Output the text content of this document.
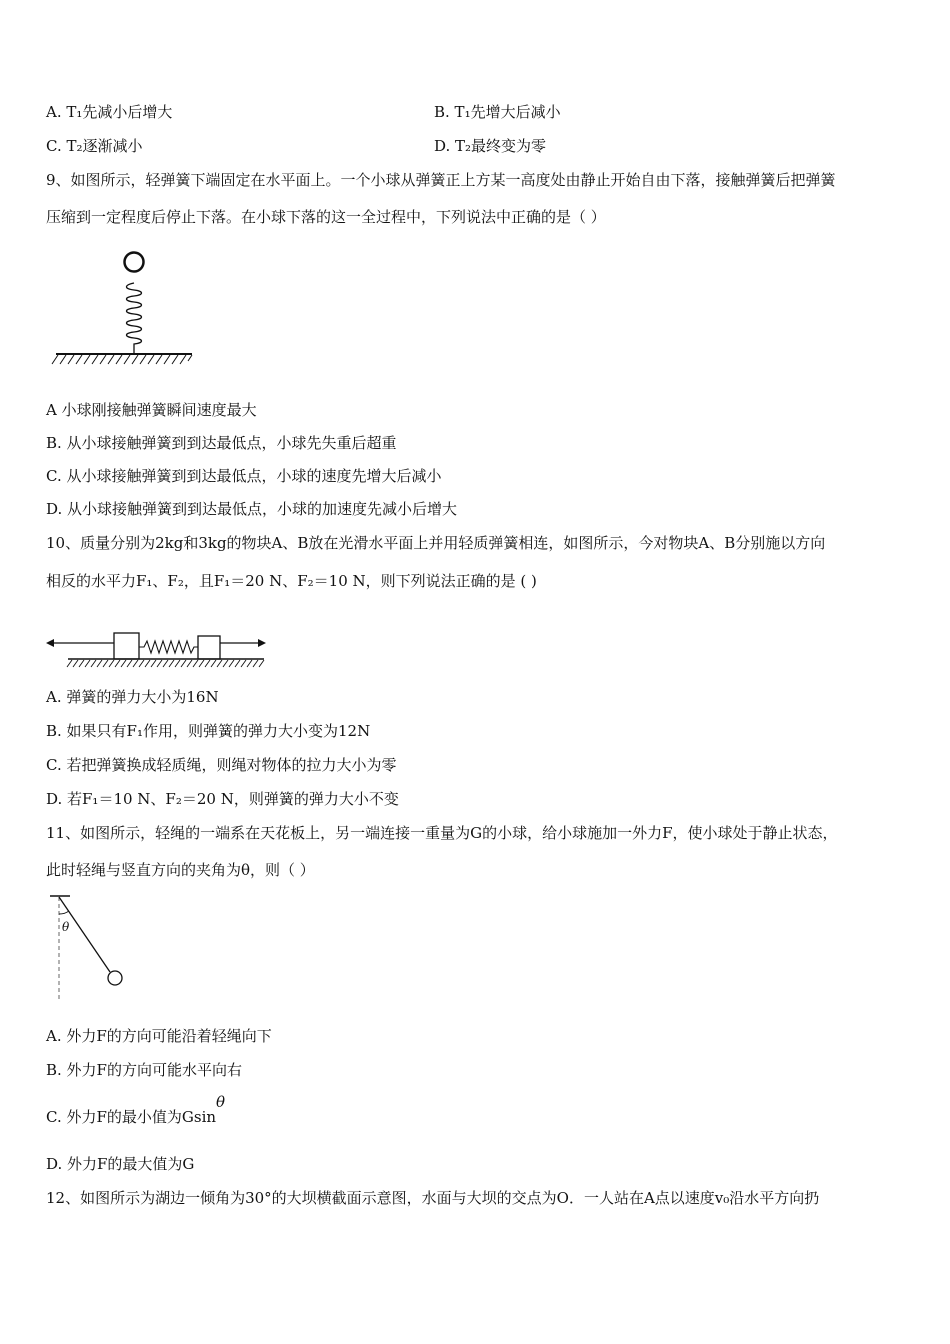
A. T₁先减小后增大	B. T₁先增大后减小
C. T₂逐渐减小	D. T₂最终变为零
9、如图所示，轻弹簧下端固定在水平面上。一个小球从弹簧正上方某一高度处由静止开始自由下落，接触弹簧后把弹簧
压缩到一定程度后停止下落。在小球下落的这一全过程中，下列说法中正确的是（ ）
A 小球刚接触弹簧瞬间速度最大
B. 从小球接触弹簧到到达最低点，小球先失重后超重
C. 从小球接触弹簧到到达最低点，小球的速度先增大后减小
D. 从小球接触弹簧到到达最低点，小球的加速度先减小后增大
10、质量分别为2kg和3kg的物块A、B放在光滑水平面上并用轻质弹簧相连，如图所示，今对物块A、B分别施以方向
相反的水平力F₁、F₂，且F₁＝20 N、F₂＝10 N，则下列说法正确的是 ( )
A. 弹簧的弹力大小为16N
B. 如果只有F₁作用，则弹簧的弹力大小变为12N
C. 若把弹簧换成轻质绳，则绳对物体的拉力大小为零
D. 若F₁＝10 N、F₂＝20 N，则弹簧的弹力大小不变
11、如图所示，轻绳的一端系在天花板上，另一端连接一重量为G的小球，给小球施加一外力F，使小球处于静止状态，
此时轻绳与竖直方向的夹角为θ，则（ ）
θ
A. 外力F的方向可能沿着轻绳向下
B. 外力F的方向可能水平向右
C. 外力F的最小值为Gsinθ
D. 外力F的最大值为G
12、如图所示为湖边一倾角为30°的大坝横截面示意图，水面与大坝的交点为O．一人站在A点以速度v₀沿水平方向扔
